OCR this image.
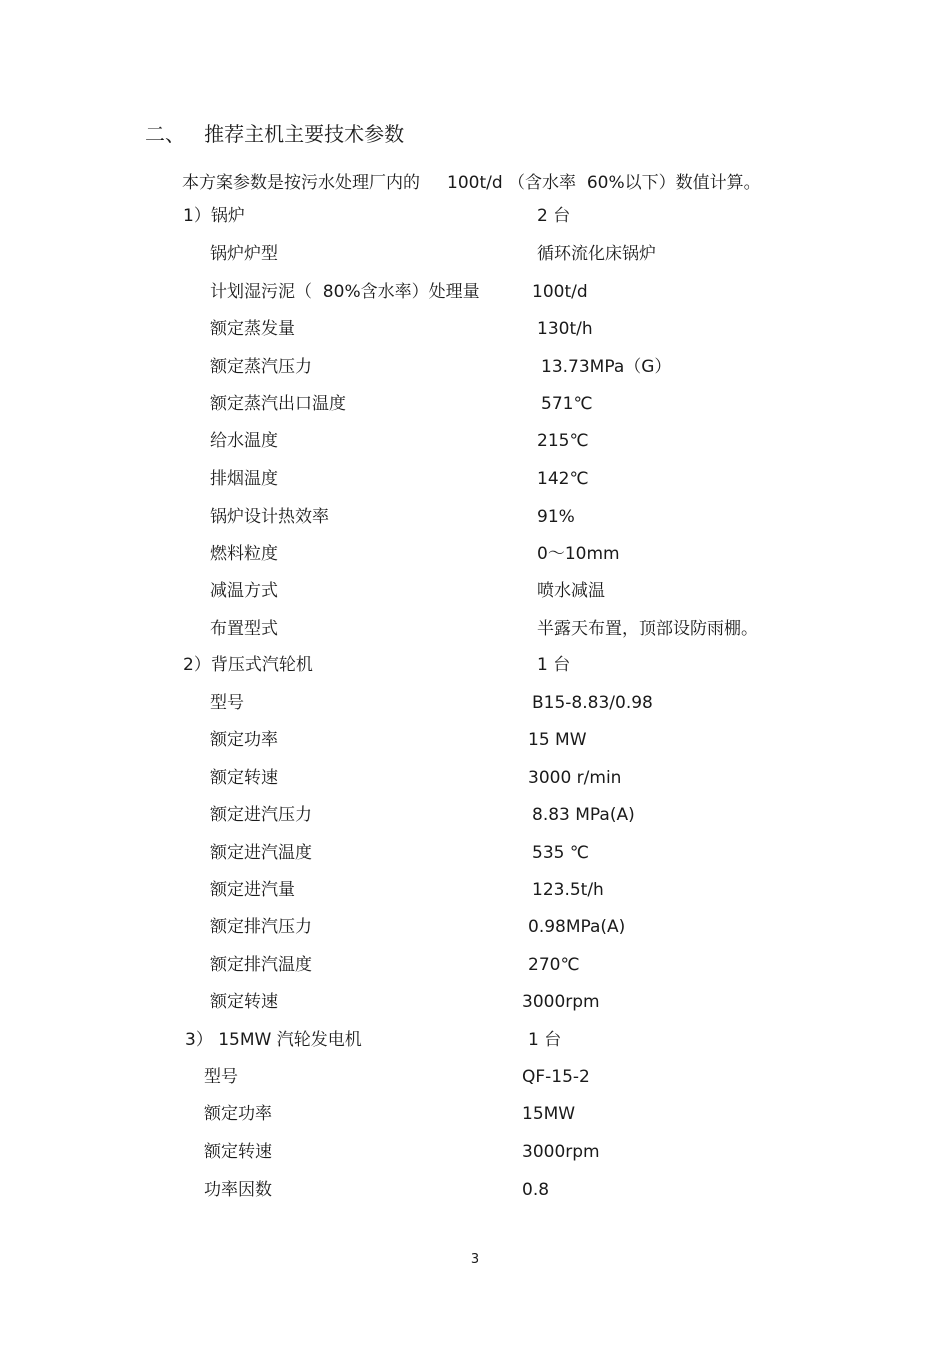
二、   推荐主机主要技术参数
本方案参数是按污水处理厂内的     100t/d （含水率  60%以下）数值计算。
1）锅炉	2 台
锅炉炉型	循环流化床锅炉
计划湿污泥（  80%含水率）处理量	100t/d
额定蒸发量	130t/h
额定蒸汽压力	13.73MPa（G）
额定蒸汽出口温度	571℃
给水温度	215℃
排烟温度	142℃
锅炉设计热效率	91%
燃料粒度	0～10mm
减温方式	喷水减温
布置型式	半露天布置，顶部设防雨棚。
2）背压式汽轮机	1 台
型号	B15-8.83/0.98
额定功率	15 MW
额定转速	3000 r/min
额定进汽压力	8.83 MPa(A)
额定进汽温度	535 ℃
额定进汽量	123.5t/h
额定排汽压力	0.98MPa(A)
额定排汽温度	270℃
额定转速	3000rpm
3） 15MW 汽轮发电机	1 台
型号	QF-15-2
额定功率	15MW
额定转速	3000rpm
功率因数	0.8
3
